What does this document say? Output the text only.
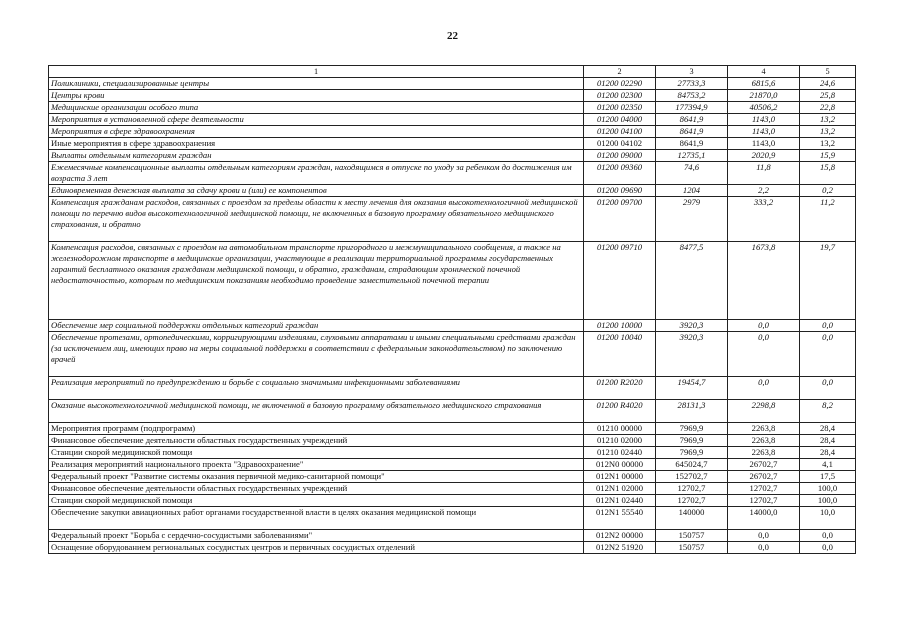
22
1	2	3	4	5
Поликлиники, специализированные центры	01200 02290	27733,3	6815,6	24,6
Центры крови	01200 02300	84753,2	21870,0	25,8
Медицинские организации особого типа	01200 02350	177394,9	40506,2	22,8
Мероприятия в установленной сфере деятельности	01200 04000	8641,9	1143,0	13,2
Мероприятия в сфере здравоохранения	01200 04100	8641,9	1143,0	13,2
Иные мероприятия в сфере здравоохранения	01200 04102	8641,9	1143,0	13,2
Выплаты отдельным категориям граждан	01200 09000	12735,1	2020,9	15,9
Ежемесячные компенсационные выплаты отдельным категориям граждан, находящимся в отпуске по уходу за ребенком до достижения им возраста 3 лет	01200 09360	74,6	11,8	15,8
Единовременная денежная выплата за сдачу крови и (или) ее компонентов	01200 09690	1204	2,2	0,2
Компенсация гражданам расходов, связанных с проездом за пределы области к месту лечения для оказания высокотехнологичной медицинской помощи по перечню видов высокотехнологичной медицинской помощи, не включенных в базовую программу обязательного медицинского страхования, и обратно	01200 09700	2979	333,2	11,2
Компенсация расходов, связанных с проездом на автомобильном транспорте пригородного и межмуниципального сообщения, а также на железнодорожном транспорте в медицинские организации, участвующие в реализации территориальной программы государственных гарантий бесплатного оказания гражданам медицинской помощи, и обратно, гражданам, страдающим хронической почечной недостаточностью, которым по медицинским показаниям необходимо проведение заместительной почечной терапии	01200 09710	8477,5	1673,8	19,7
Обеспечение мер социальной поддержки отдельных категорий граждан	01200 10000	3920,3	0,0	0,0
Обеспечение протезами, ортопедическими, корригирующими изделиями, слуховыми аппаратами и иными специальными средствами граждан (за исключением лиц, имеющих право на меры социальной поддержки в соответствии с федеральным законодательством) по заключению врачей	01200 10040	3920,3	0,0	0,0
Реализация мероприятий по предупреждению и борьбе с социально значимыми инфекционными заболеваниями	01200 R2020	19454,7	0,0	0,0
Оказание высокотехнологичной медицинской помощи, не включенной в базовую программу обязательного медицинского страхования	01200 R4020	28131,3	2298,8	8,2
Мероприятия программ (подпрограмм)	01210 00000	7969,9	2263,8	28,4
Финансовое обеспечение деятельности областных государственных учреждений	01210 02000	7969,9	2263,8	28,4
Станции скорой медицинской помощи	01210 02440	7969,9	2263,8	28,4
Реализация мероприятий национального проекта "Здравоохранение"	012N0 00000	645024,7	26702,7	4,1
Федеральный проект "Развитие системы оказания первичной медико-санитарной помощи"	012N1 00000	152702,7	26702,7	17,5
Финансовое обеспечение деятельности областных государственных учреждений	012N1 02000	12702,7	12702,7	100,0
Станции скорой медицинской помощи	012N1 02440	12702,7	12702,7	100,0
Обеспечение закупки авиационных работ органами государственной власти в целях оказания медицинской помощи	012N1 55540	140000	14000,0	10,0
Федеральный проект "Борьба с сердечно-сосудистыми заболеваниями"	012N2 00000	150757	0,0	0,0
Оснащение оборудованием региональных сосудистых центров и первичных сосудистых отделений	012N2 51920	150757	0,0	0,0
